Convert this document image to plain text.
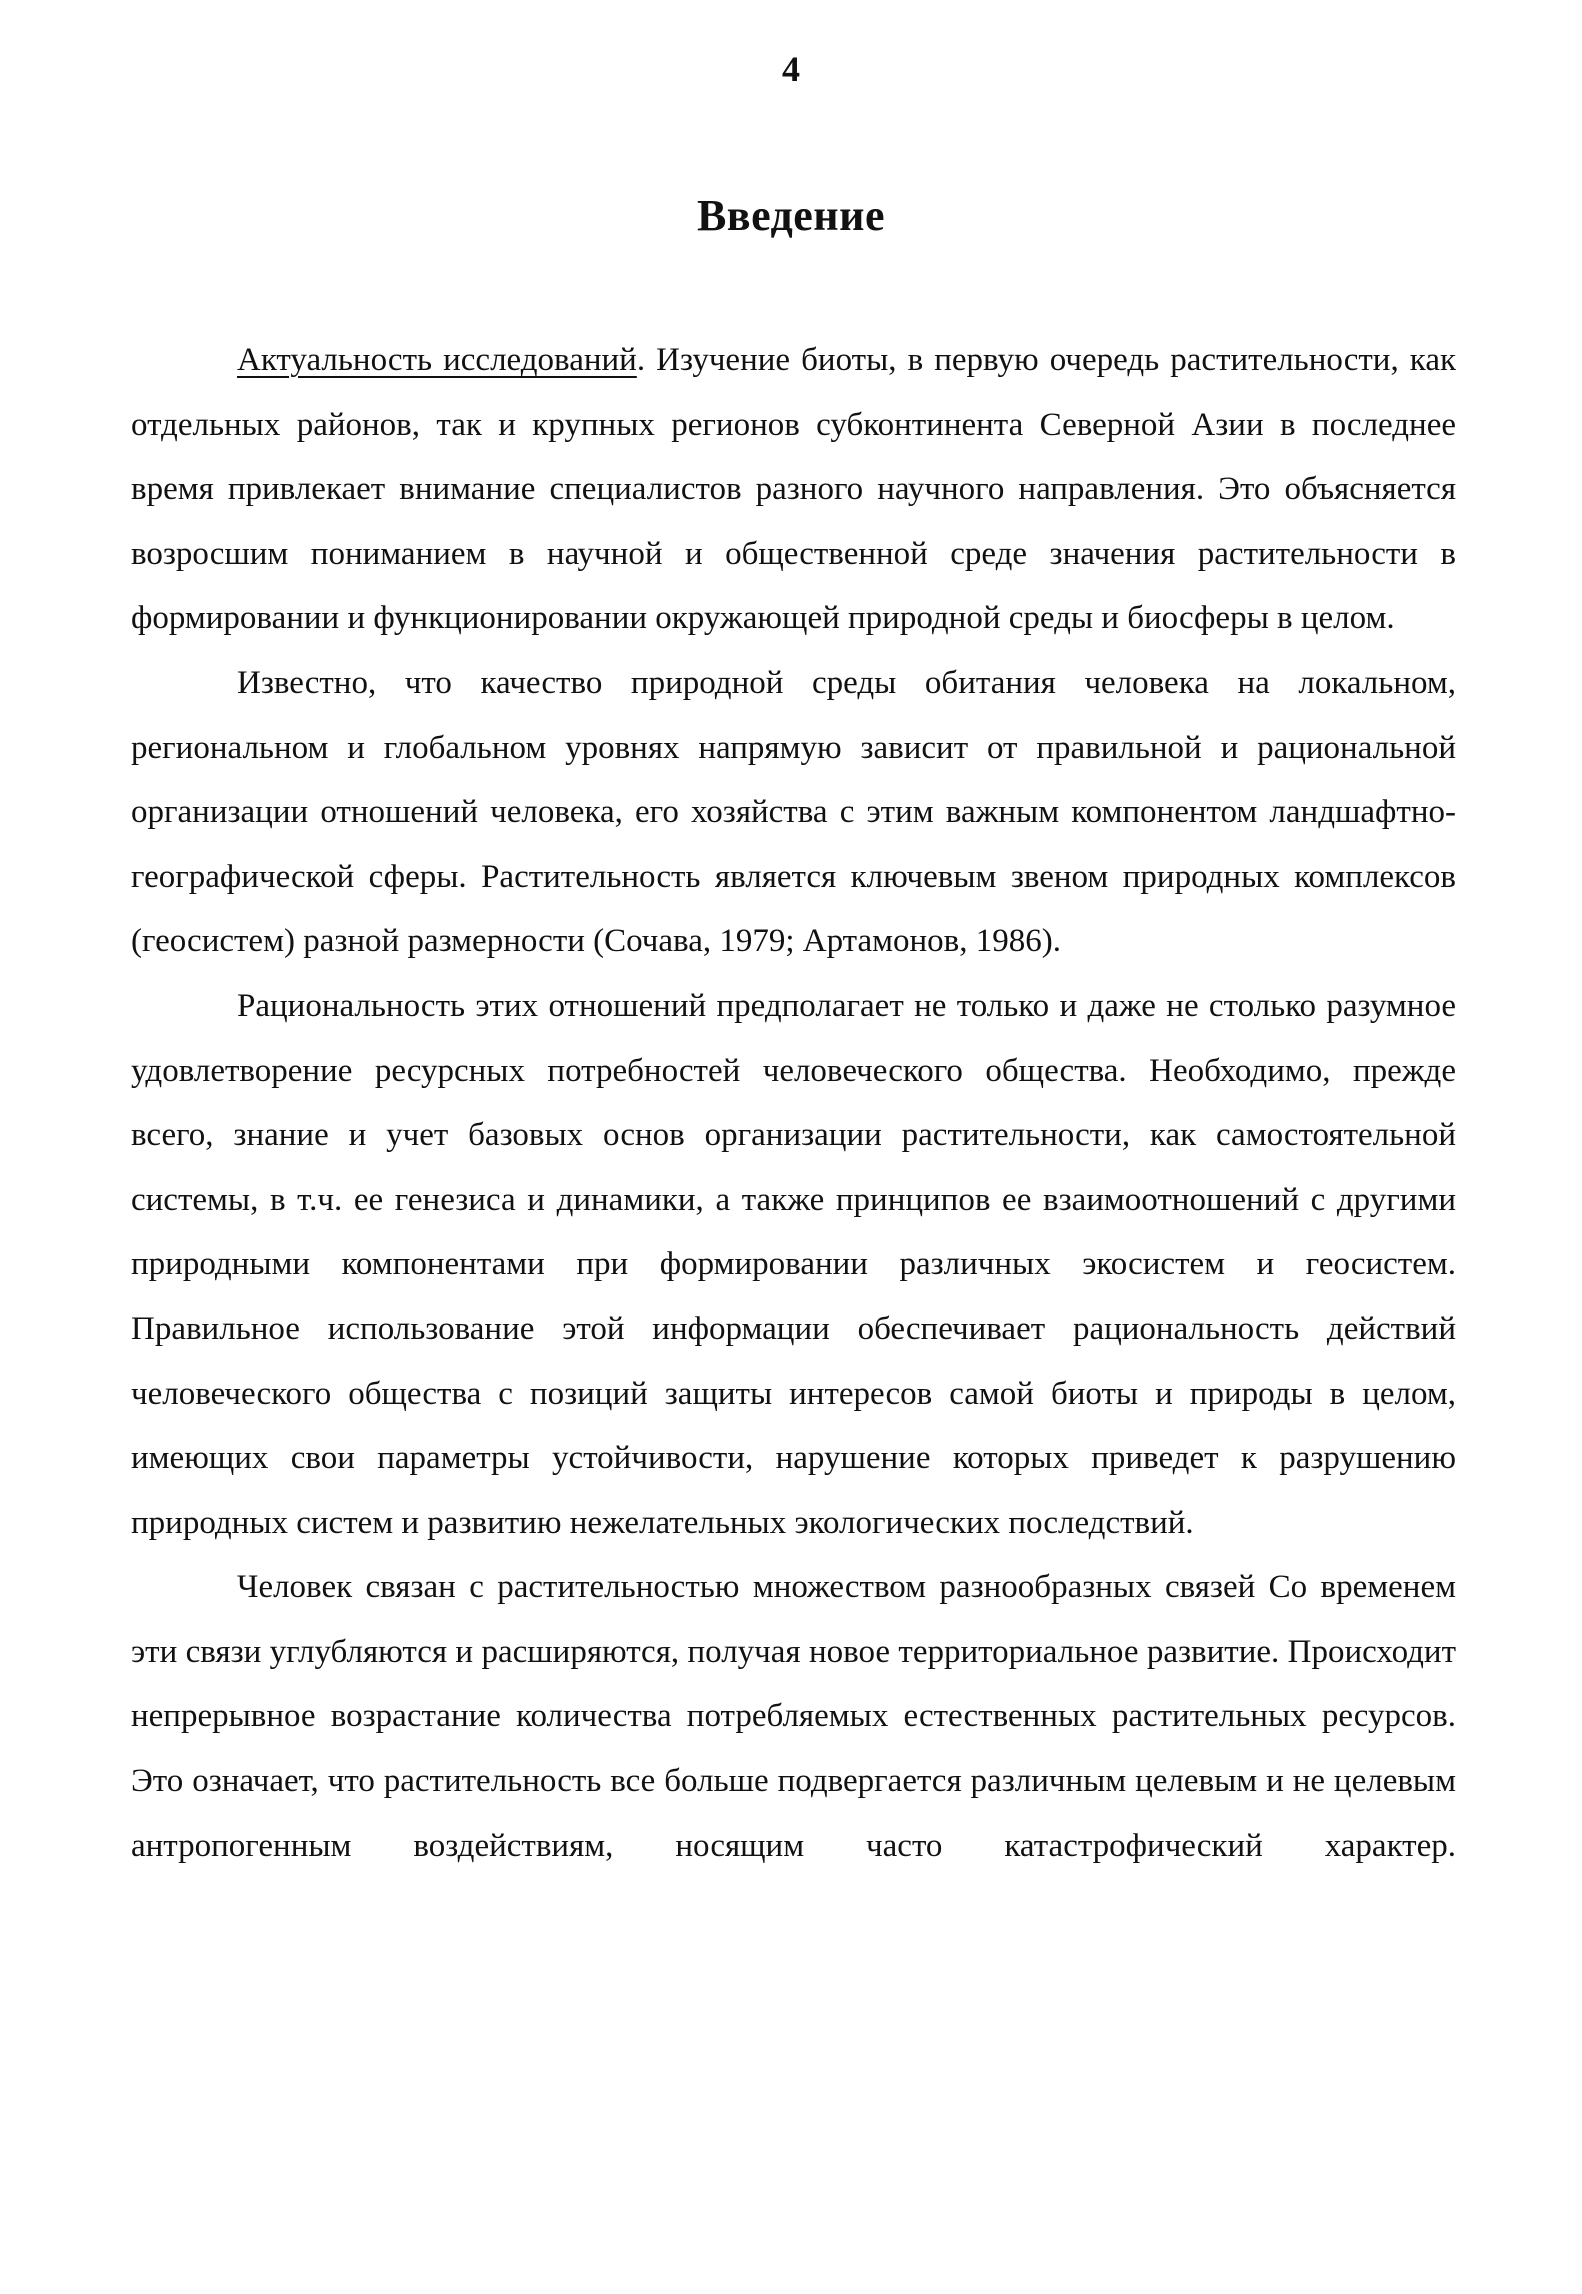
4
Введение

Актуальность исследований. Изучение биоты, в первую очередь растительности, как отдельных районов, так и крупных регионов субконтинента Северной Азии в последнее время привлекает внимание специалистов разного научного направления. Это объясняется возросшим пониманием в научной и общественной среде значения растительности в формировании и функционировании окружающей природной среды и биосферы в целом.

Известно, что качество природной среды обитания человека на локальном, региональном и глобальном уровнях напрямую зависит от правильной и рациональной организации отношений человека, его хозяйства с этим важным компонентом ландшафтно-географической сферы. Растительность является ключевым звеном природных комплексов (геосистем) разной размерности (Сочава, 1979; Артамонов, 1986).

Рациональность этих отношений предполагает не только и даже не столько разумное удовлетворение ресурсных потребностей человеческого общества. Необходимо, прежде всего, знание и учет базовых основ организации растительности, как самостоятельной системы, в т.ч. ее генезиса и динамики, а также принципов ее взаимоотношений с другими природными компонентами при формировании различных экосистем и геосистем. Правильное использование этой информации обеспечивает рациональность действий человеческого общества с позиций защиты интересов самой биоты и природы в целом, имеющих свои параметры устойчивости, нарушение которых приведет к разрушению природных систем и развитию нежелательных экологических последствий.

Человек связан с растительностью множеством разнообразных связей Со временем эти связи углубляются и расширяются, получая новое территориальное развитие. Происходит непрерывное возрастание количества потребляемых естественных растительных ресурсов. Это означает, что растительность все больше подвергается различным целевым и не целевым антропогенным воздействиям, носящим часто катастрофический характер.
